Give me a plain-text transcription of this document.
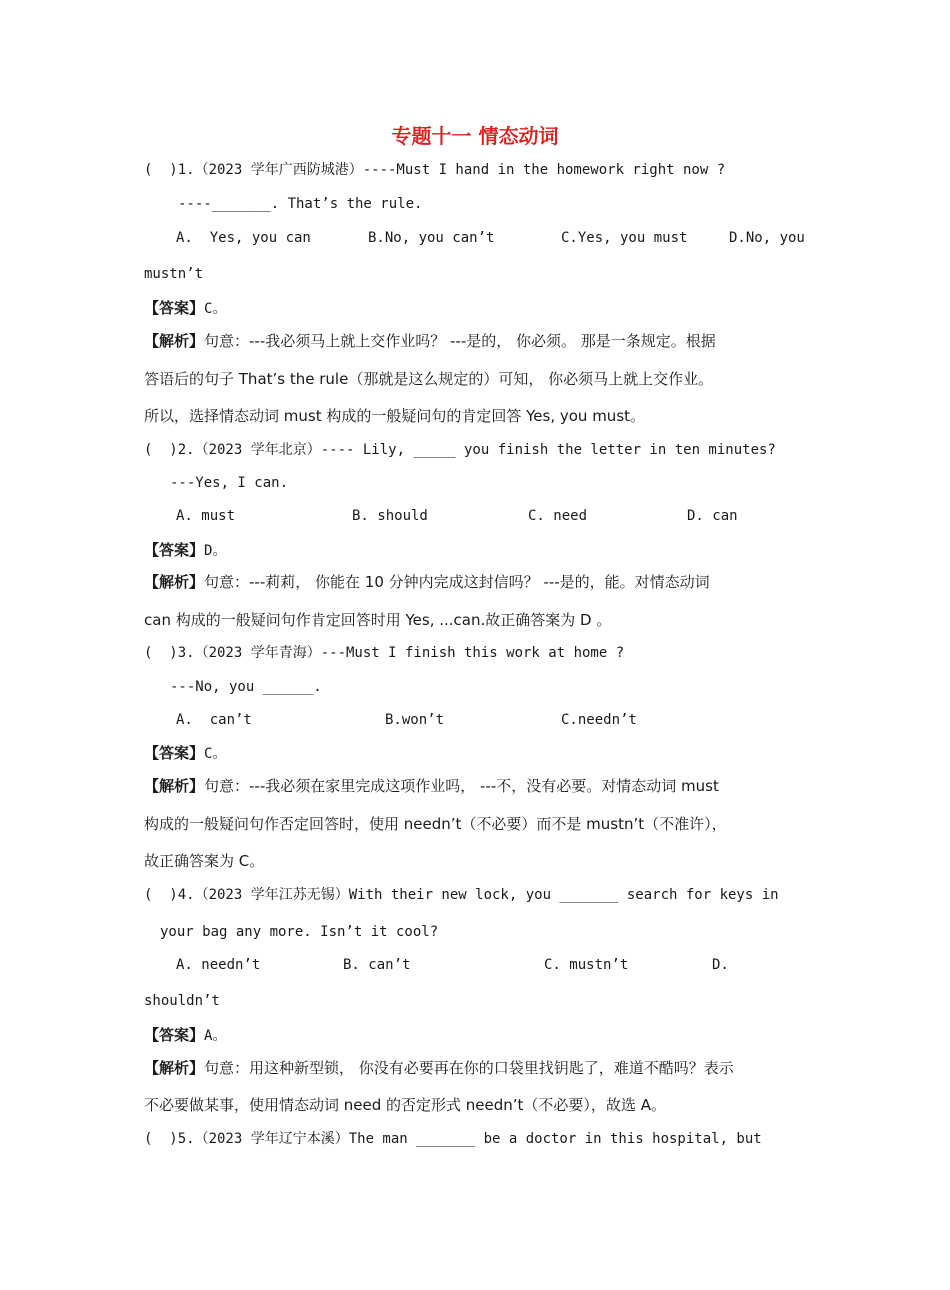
专题十一 情态动词
(  )1.（2023 学年广西防城港）----Must I hand in the homework right now ?
----_______. That’s the rule.
A.  Yes, you can	B.No, you can’t	C.Yes, you must	D.No, you
mustn’t
【答案】C。
【解析】句意：---我必须马上就上交作业吗？ ---是的， 你必须。 那是一条规定。根据
答语后的句子 That’s the rule（那就是这么规定的）可知， 你必须马上就上交作业。
所以，选择情态动词 must 构成的一般疑问句的肯定回答 Yes, you must。
(  )2.（2023 学年北京）---- Lily, _____ you finish the letter in ten minutes?
---Yes, I can.
A. must	B. should	C. need	D. can
【答案】D。
【解析】句意：---莉莉， 你能在 10 分钟内完成这封信吗？ ---是的，能。对情态动词
can 构成的一般疑问句作肯定回答时用 Yes, ...can.故正确答案为 D 。
(  )3.（2023 学年青海）---Must I finish this work at home ?
---No, you ______.
A.  can’t	B.won’t	C.needn’t
【答案】C。
【解析】句意：---我必须在家里完成这项作业吗， ---不，没有必要。对情态动词 must
构成的一般疑问句作否定回答时，使用 needn’t（不必要）而不是 mustn’t（不准许），
故正确答案为 C。
(  )4.（2023 学年江苏无锡）With their new lock, you _______ search for keys in
your bag any more. Isn’t it cool?
A. needn’t	B. can’t	C. mustn’t	D.
shouldn’t
【答案】A。
【解析】句意：用这种新型锁， 你没有必要再在你的口袋里找钥匙了，难道不酷吗？表示
不必要做某事，使用情态动词 need 的否定形式 needn’t（不必要），故选 A。
(  )5.（2023 学年辽宁本溪）The man _______ be a doctor in this hospital, but
